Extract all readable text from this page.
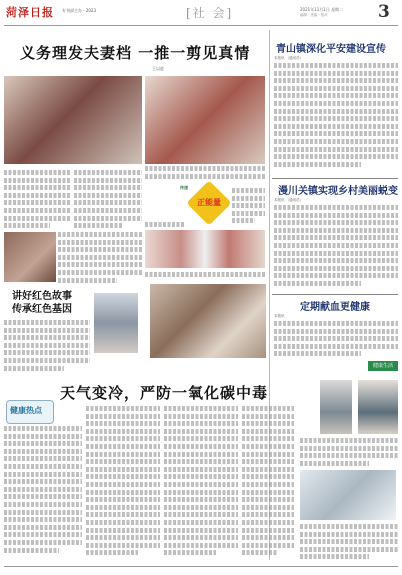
菏泽日报 专刊部主办 · 2023	[社 会]	2021年11月1日 星期二
编辑 · 美编 · 校对	3
义务理发夫妻档 一推一剪见真情
王以进
传递
正能量
讲好红色故事
传承红色基因
青山镇深化平安建设宣传
本报讯 （通讯员）
漫川关镇实现乡村美丽蜕变
本报讯 （通讯员）
定期献血更健康
本报讯
健康生活
天气变冷，严防一氧化碳中毒
健康热点
